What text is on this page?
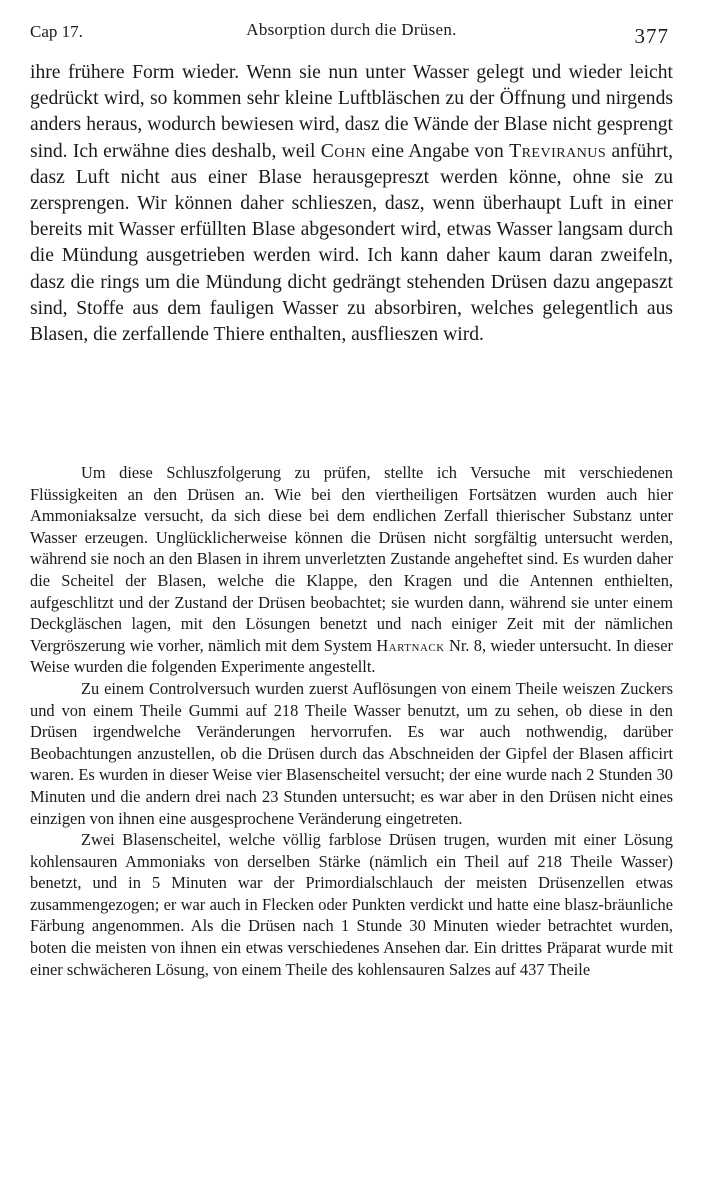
Cap 17.	Absorption durch die Drüsen.	377
ihre frühere Form wieder. Wenn sie nun unter Wasser gelegt und wieder leicht gedrückt wird, so kommen sehr kleine Luftbläschen zu der Öffnung und nirgends anders heraus, wodurch bewiesen wird, dasz die Wände der Blase nicht gesprengt sind. Ich erwähne dies deshalb, weil Cohn eine Angabe von Treviranus anführt, dasz Luft nicht aus einer Blase herausgepreszt werden könne, ohne sie zu zersprengen. Wir können daher schlieszen, dasz, wenn überhaupt Luft in einer bereits mit Wasser erfüllten Blase abgesondert wird, etwas Wasser langsam durch die Mündung ausgetrieben werden wird. Ich kann daher kaum daran zweifeln, dasz die rings um die Mündung dicht gedrängt stehenden Drüsen dazu angepaszt sind, Stoffe aus dem fauligen Wasser zu absorbiren, welches gelegentlich aus Blasen, die zerfallende Thiere enthalten, ausflieszen wird.

Um diese Schluszfolgerung zu prüfen, stellte ich Versuche mit verschiedenen Flüssigkeiten an den Drüsen an. Wie bei den viertheiligen Fortsätzen wurden auch hier Ammoniaksalze versucht, da sich diese bei dem endlichen Zerfall thierischer Substanz unter Wasser erzeugen. Unglücklicherweise können die Drüsen nicht sorgfältig untersucht werden, während sie noch an den Blasen in ihrem unverletzten Zustande angeheftet sind. Es wurden daher die Scheitel der Blasen, welche die Klappe, den Kragen und die Antennen enthielten, aufgeschlitzt und der Zustand der Drüsen beobachtet; sie wurden dann, während sie unter einem Deckgläschen lagen, mit den Lösungen benetzt und nach einiger Zeit mit der nämlichen Vergröszerung wie vorher, nämlich mit dem System Hartnack Nr. 8, wieder untersucht. In dieser Weise wurden die folgenden Experimente angestellt.

Zu einem Controlversuch wurden zuerst Auflösungen von einem Theile weiszen Zuckers und von einem Theile Gummi auf 218 Theile Wasser benutzt, um zu sehen, ob diese in den Drüsen irgendwelche Veränderungen hervorrufen. Es war auch nothwendig, darüber Beobachtungen anzustellen, ob die Drüsen durch das Abschneiden der Gipfel der Blasen afficirt waren. Es wurden in dieser Weise vier Blasenscheitel versucht; der eine wurde nach 2 Stunden 30 Minuten und die andern drei nach 23 Stunden untersucht; es war aber in den Drüsen nicht eines einzigen von ihnen eine ausgesprochene Veränderung eingetreten.

Zwei Blasenscheitel, welche völlig farblose Drüsen trugen, wurden mit einer Lösung kohlensauren Ammoniaks von derselben Stärke (nämlich ein Theil auf 218 Theile Wasser) benetzt, und in 5 Minuten war der Primordialschlauch der meisten Drüsenzellen etwas zusammengezogen; er war auch in Flecken oder Punkten verdickt und hatte eine blasz-bräunliche Färbung angenommen. Als die Drüsen nach 1 Stunde 30 Minuten wieder betrachtet wurden, boten die meisten von ihnen ein etwas verschiedenes Ansehen dar. Ein drittes Präparat wurde mit einer schwächeren Lösung, von einem Theile des kohlensauren Salzes auf 437 Theile
